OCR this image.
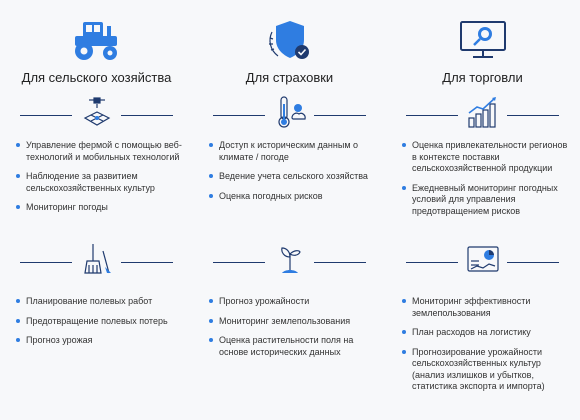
Для сельского хозяйства
Управление фермой с помощью веб-технологий и мобильных технологий
Наблюдение за развитием сельскохозяйственных культур
Мониторинг погоды
Планирование полевых работ
Предотвращение полевых потерь
Прогноз урожая
Для страховки
Доступ к историческим данным о климате / погоде
Ведение учета сельского хозяйства
Оценка погодных рисков
Прогноз урожайности
Мониторинг землепользования
Оценка растительности поля на основе исторических данных
Для торговли
Оценка привлекательности регионов в контексте поставки сельскохозяйственной продукции
Ежедневный мониторинг погодных условий для управления предотвращением рисков
Мониторинг эффективности землепользования
План расходов на логистику
Прогнозирование урожайности сельскохозяйственных культур (анализ излишков и убытков, статистика экспорта и импорта)
